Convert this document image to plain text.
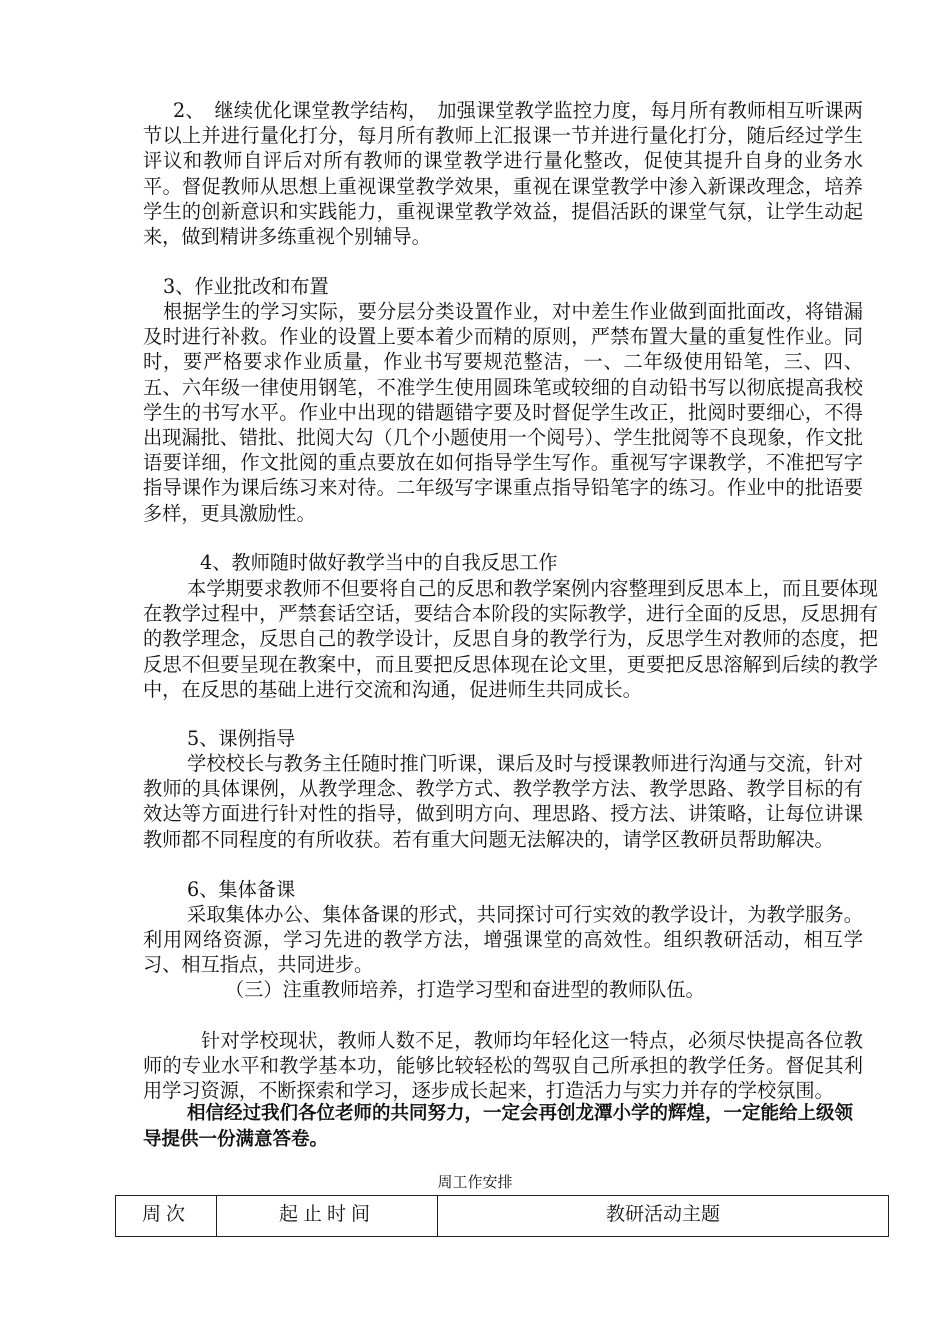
2、　继续优化课堂教学结构，　加强课堂教学监控力度，每月所有教师相互听课两节以上并进行量化打分，每月所有教师上汇报课一节并进行量化打分，随后经过学生评议和教师自评后对所有教师的课堂教学进行量化整改，促使其提升自身的业务水平。督促教师从思想上重视课堂教学效果，重视在课堂教学中渗入新课改理念，培养学生的创新意识和实践能力，重视课堂教学效益，提倡活跃的课堂气氛，让学生动起来，做到精讲多练重视个别辅导。

3、作业批改和布置

根据学生的学习实际，要分层分类设置作业，对中差生作业做到面批面改，将错漏及时进行补救。作业的设置上要本着少而精的原则，严禁布置大量的重复性作业。同时，要严格要求作业质量，作业书写要规范整洁，一、二年级使用铅笔，三、四、五、六年级一律使用钢笔，不准学生使用圆珠笔或较细的自动铅书写以彻底提高我校学生的书写水平。作业中出现的错题错字要及时督促学生改正，批阅时要细心，不得出现漏批、错批、批阅大勾（几个小题使用一个阅号）、学生批阅等不良现象，作文批语要详细，作文批阅的重点要放在如何指导学生写作。重视写字课教学，不准把写字指导课作为课后练习来对待。二年级写字课重点指导铅笔字的练习。作业中的批语要多样，更具激励性。

4、教师随时做好教学当中的自我反思工作

本学期要求教师不但要将自己的反思和教学案例内容整理到反思本上，而且要体现在教学过程中，严禁套话空话，要结合本阶段的实际教学，进行全面的反思，反思拥有的教学理念，反思自己的教学设计，反思自身的教学行为，反思学生对教师的态度，把反思不但要呈现在教案中，而且要把反思体现在论文里，更要把反思溶解到后续的教学中，在反思的基础上进行交流和沟通，促进师生共同成长。

5、课例指导

学校校长与教务主任随时推门听课，课后及时与授课教师进行沟通与交流，针对教师的具体课例，从教学理念、教学方式、教学教学方法、教学思路、教学目标的有效达等方面进行针对性的指导，做到明方向、理思路、授方法、讲策略，让每位讲课教师都不同程度的有所收获。若有重大问题无法解决的，请学区教研员帮助解决。

6、集体备课

采取集体办公、集体备课的形式，共同探讨可行实效的教学设计，为教学服务。利用网络资源，学习先进的教学方法，增强课堂的高效性。组织教研活动，相互学习、相互指点，共同进步。

（三）注重教师培养，打造学习型和奋进型的教师队伍。

针对学校现状，教师人数不足，教师均年轻化这一特点，必须尽快提高各位教师的专业水平和教学基本功，能够比较轻松的驾驭自己所承担的教学任务。督促其利用学习资源，不断探索和学习，逐步成长起来，打造活力与实力并存的学校氛围。

相信经过我们各位老师的共同努力，一定会再创龙潭小学的辉煌，一定能给上级领导提供一份满意答卷。

周工作安排
周次	起止时间	教研活动主题
